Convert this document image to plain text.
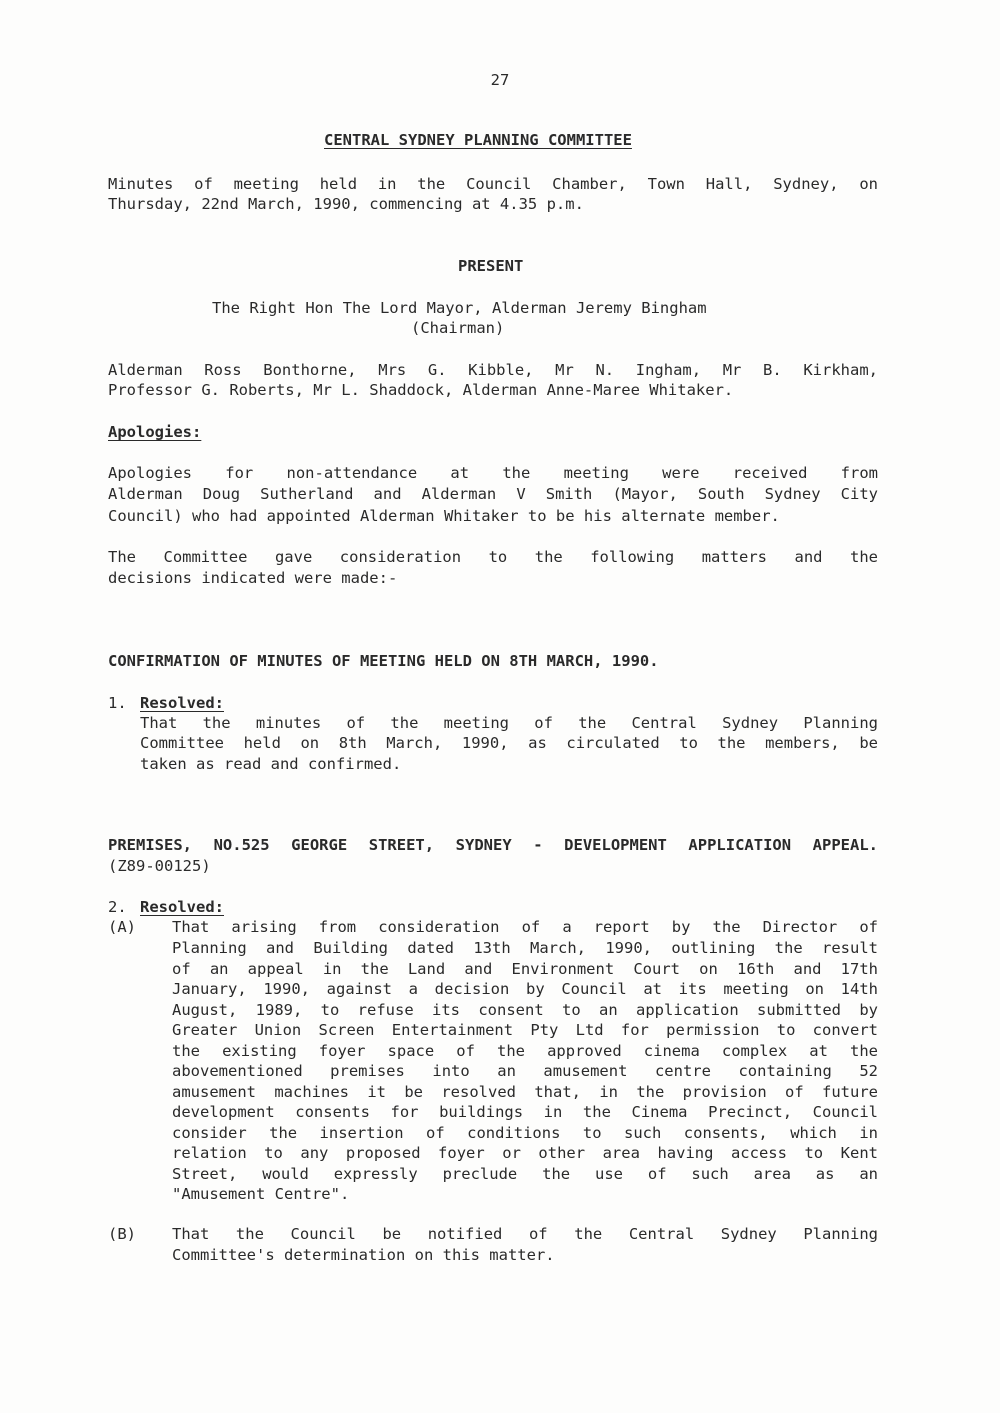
27
CENTRAL SYDNEY PLANNING COMMITTEE
Minutes of meeting held in the Council Chamber, Town Hall, Sydney, on
Thursday, 22nd March, 1990, commencing at 4.35 p.m.
PRESENT
The Right Hon The Lord Mayor, Alderman Jeremy Bingham
(Chairman)
Alderman Ross Bonthorne, Mrs G. Kibble, Mr N. Ingham, Mr B. Kirkham,
Professor G. Roberts, Mr L. Shaddock, Alderman Anne-Maree Whitaker.
Apologies:
Apologies for non-attendance at the meeting were received from
Alderman Doug Sutherland and Alderman V Smith (Mayor, South Sydney City
Council) who had appointed Alderman Whitaker to be his alternate member.
The Committee gave consideration to the following matters and the
decisions indicated were made:-
CONFIRMATION OF MINUTES OF MEETING HELD ON 8TH MARCH, 1990.
1. Resolved:
That the minutes of the meeting of the Central Sydney Planning
Committee held on 8th March, 1990, as circulated to the members, be
taken as read and confirmed.
PREMISES, NO.525 GEORGE STREET, SYDNEY - DEVELOPMENT APPLICATION APPEAL.
(Z89-00125)
2. Resolved:
(A) That arising from consideration of a report by the Director of
Planning and Building dated 13th March, 1990, outlining the result
of an appeal in the Land and Environment Court on 16th and 17th
January, 1990, against a decision by Council at its meeting on 14th
August, 1989, to refuse its consent to an application submitted by
Greater Union Screen Entertainment Pty Ltd for permission to convert
the existing foyer space of the approved cinema complex at the
abovementioned premises into an amusement centre containing 52
amusement machines it be resolved that, in the provision of future
development consents for buildings in the Cinema Precinct, Council
consider the insertion of conditions to such consents, which in
relation to any proposed foyer or other area having access to Kent
Street, would expressly preclude the use of such area as an
"Amusement Centre".
(B) That the Council be notified of the Central Sydney Planning
Committee's determination on this matter.
